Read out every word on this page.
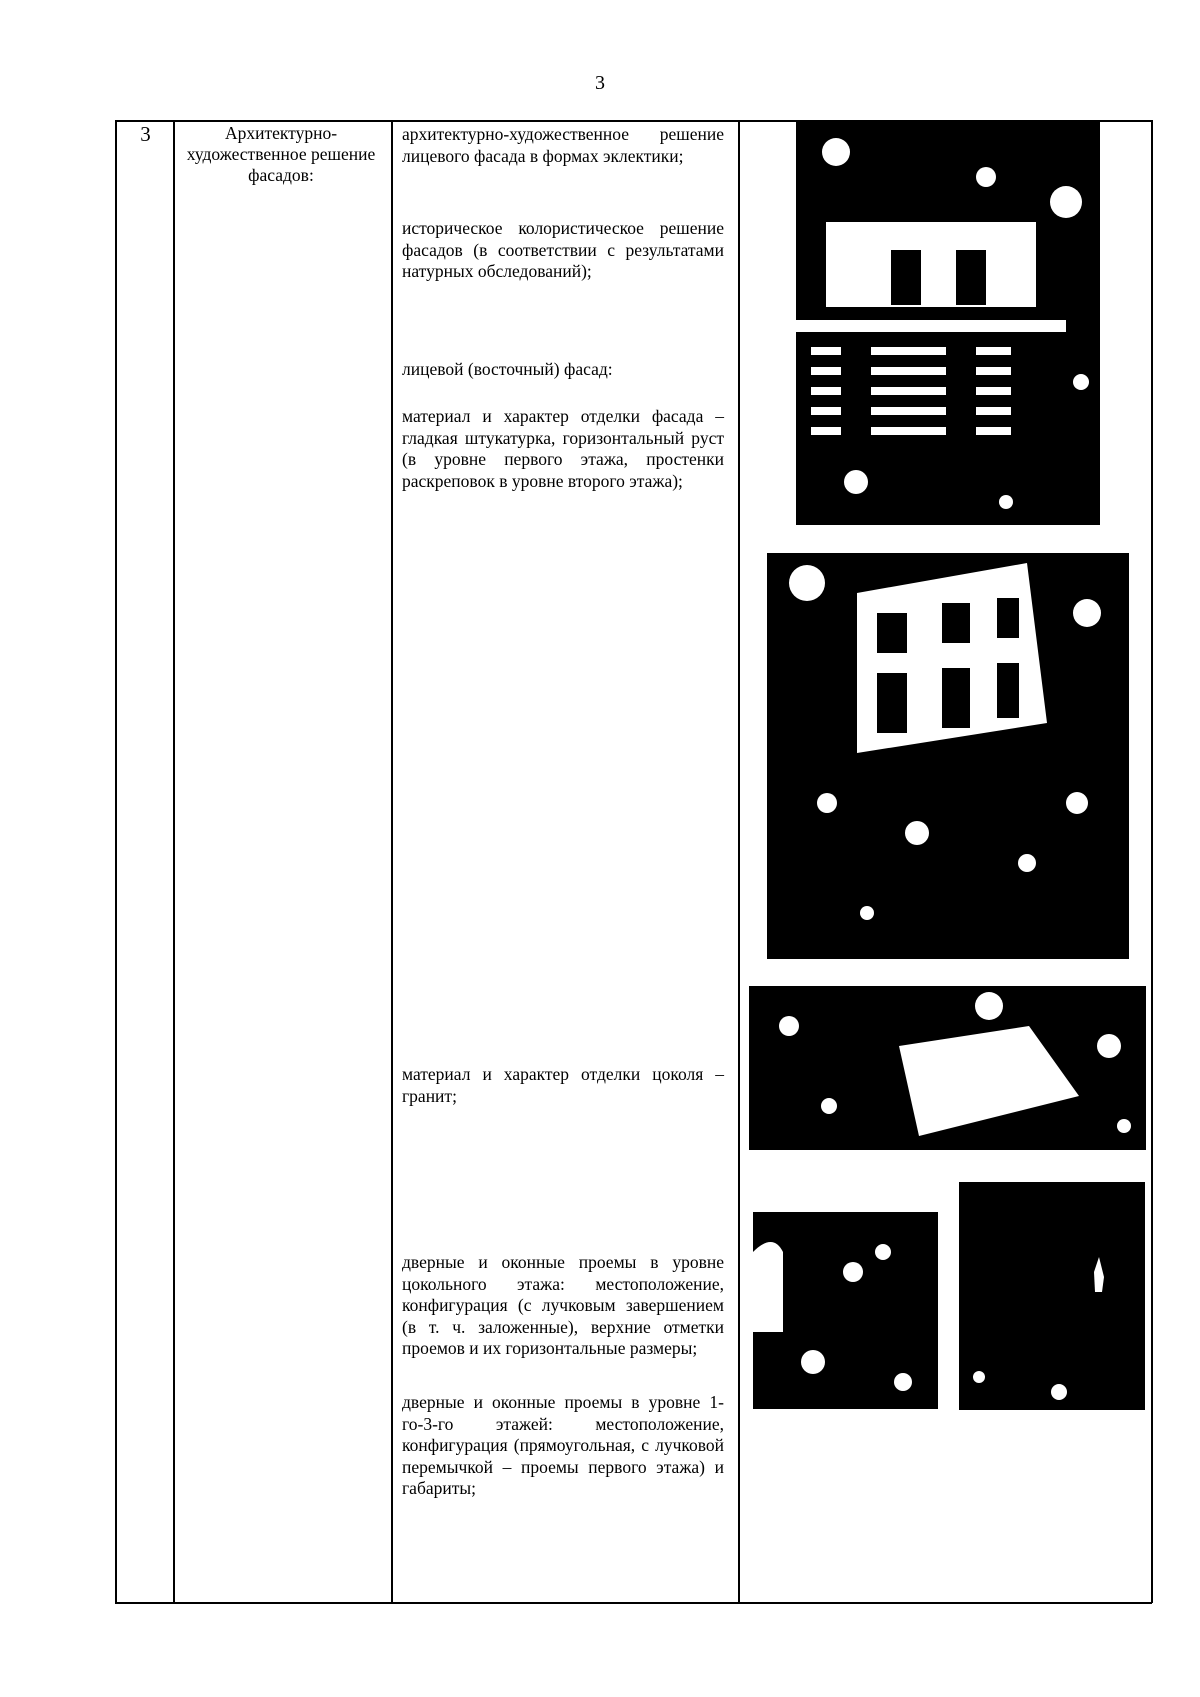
3
3	Архитектурно-художественное решение фасадов:
архитектурно-художественное решение лицевого фасада в формах эклектики;
историческое колористическое решение фасадов (в соответствии с результатами натурных обследований);
лицевой (восточный) фасад:
материал и характер отделки фасада – гладкая штукатурка, горизонтальный руст (в уровне первого этажа, простенки раскреповок в уровне второго этажа);
материал и характер отделки цоколя – гранит;
дверные и оконные проемы в уровне цокольного этажа: местоположение, конфигурация (с лучковым завершением (в т. ч. заложенные), верхние отметки проемов и их горизонтальные размеры;
дверные и оконные проемы в уровне 1-го-3-го этажей: местоположение, конфигурация (прямоугольная, с лучковой перемычкой – проемы первого этажа) и габариты;
